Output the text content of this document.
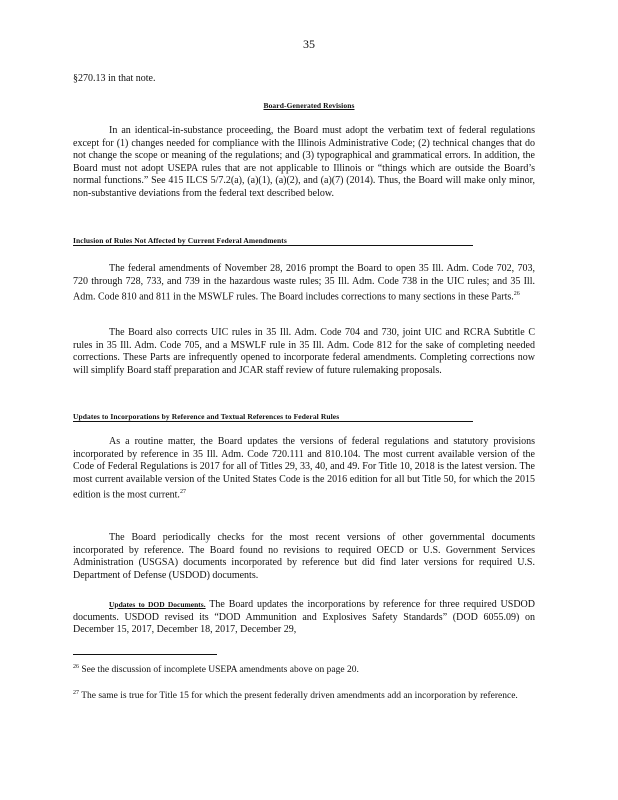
35
§270.13 in that note.
Board-Generated Revisions
In an identical-in-substance proceeding, the Board must adopt the verbatim text of federal regulations except for (1) changes needed for compliance with the Illinois Administrative Code; (2) technical changes that do not change the scope or meaning of the regulations; and (3) typographical and grammatical errors. In addition, the Board must not adopt USEPA rules that are not applicable to Illinois or “things which are outside the Board’s normal functions.” See 415 ILCS 5/7.2(a), (a)(1), (a)(2), and (a)(7) (2014). Thus, the Board will make only minor, non-substantive deviations from the federal text described below.
Inclusion of Rules Not Affected by Current Federal Amendments
The federal amendments of November 28, 2016 prompt the Board to open 35 Ill. Adm. Code 702, 703, 720 through 728, 733, and 739 in the hazardous waste rules; 35 Ill. Adm. Code 738 in the UIC rules; and 35 Ill. Adm. Code 810 and 811 in the MSWLF rules. The Board includes corrections to many sections in these Parts.$^{26}$
The Board also corrects UIC rules in 35 Ill. Adm. Code 704 and 730, joint UIC and RCRA Subtitle C rules in 35 Ill. Adm. Code 705, and a MSWLF rule in 35 Ill. Adm. Code 812 for the sake of completing needed corrections. These Parts are infrequently opened to incorporate federal amendments. Completing corrections now will simplify Board staff preparation and JCAR staff review of future rulemaking proposals.
Updates to Incorporations by Reference and Textual References to Federal Rules
As a routine matter, the Board updates the versions of federal regulations and statutory provisions incorporated by reference in 35 Ill. Adm. Code 720.111 and 810.104. The most current available version of the Code of Federal Regulations is 2017 for all of Titles 29, 33, 40, and 49. For Title 10, 2018 is the latest version. The most current available version of the United States Code is the 2016 edition for all but Title 50, for which the 2015 edition is the most current.$^{27}$
The Board periodically checks for the most recent versions of other governmental documents incorporated by reference. The Board found no revisions to required OECD or U.S. Government Services Administration (USGSA) documents incorporated by reference but did find later versions for required U.S. Department of Defense (USDOD) documents.
Updates to DOD Documents. The Board updates the incorporations by reference for three required USDOD documents. USDOD revised its “DOD Ammunition and Explosives Safety Standards” (DOD 6055.09) on December 15, 2017, December 18, 2017, December 29,
$^{26}$ See the discussion of incomplete USEPA amendments above on page 20.
$^{27}$ The same is true for Title 15 for which the present federally driven amendments add an incorporation by reference.
